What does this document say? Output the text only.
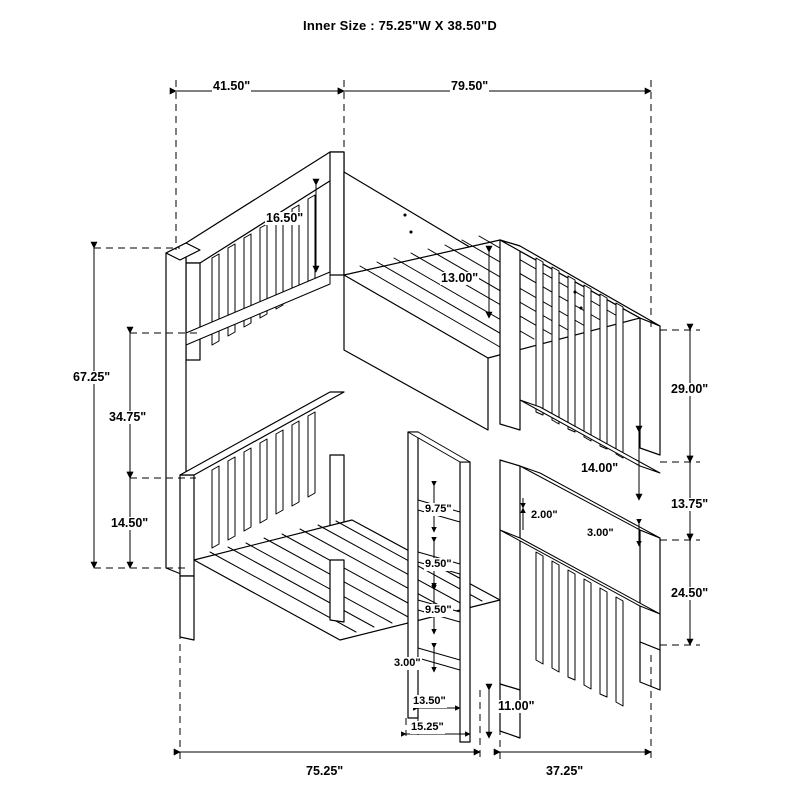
Inner Size : 75.25"W X 38.50"D
41.50"	79.50"
16.50"
13.00"
67.25"
34.75"
14.50"
29.00"
14.00"
13.75"
24.50"
2.00"
3.00"
9.75"
9.50"
9.50"
3.00"
13.50"
15.25"
11.00"
75.25"	37.25"
